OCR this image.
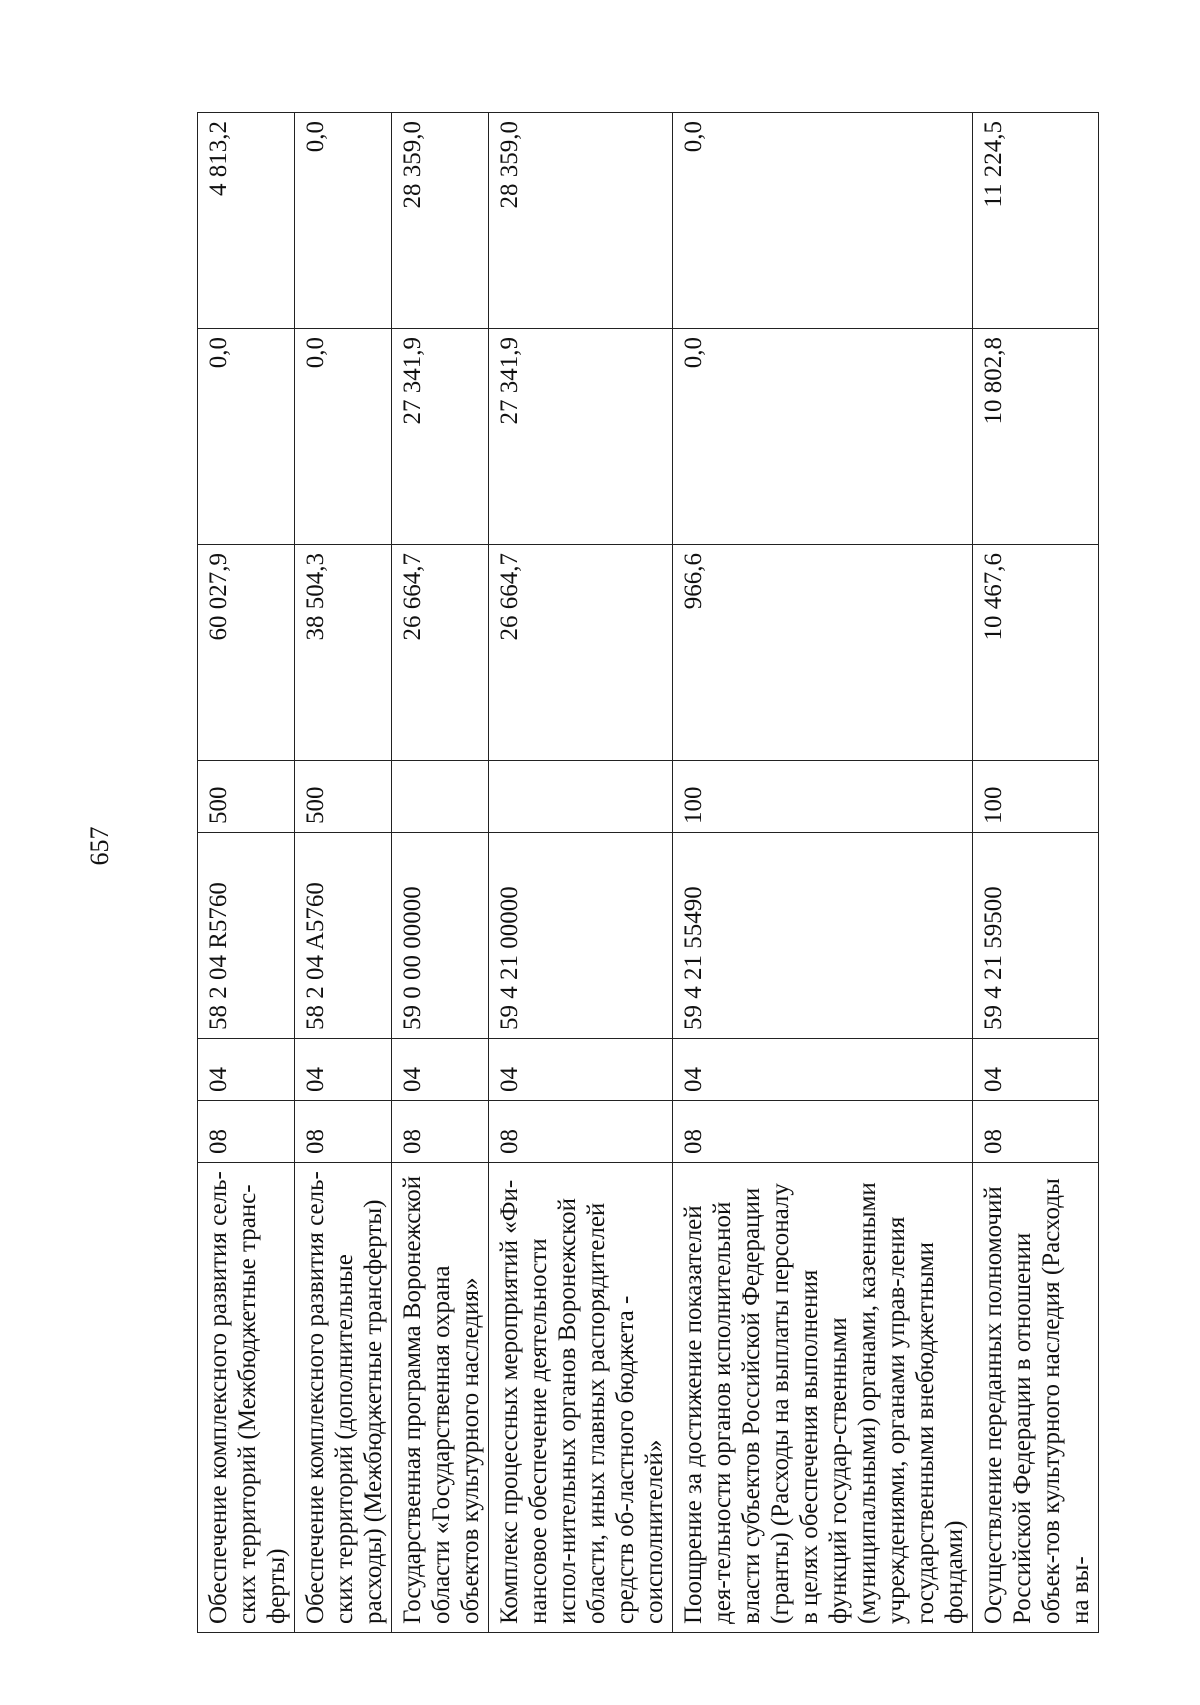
657
Обеспечение комплексного развития сель-ских территорий (Межбюджетные транс-ферты)	08	04	58 2 04 R5760	500	60 027,9	0,0	4 813,2
Обеспечение комплексного развития сель-ских территорий (дополнительные расходы) (Межбюджетные трансферты)	08	04	58 2 04 A5760	500	38 504,3	0,0	0,0
Государственная программа Воронежской области «Государственная охрана объектов культурного наследия»	08	04	59 0 00 00000		26 664,7	27 341,9	28 359,0
Комплекс процессных мероприятий «Фи-нансовое обеспечение деятельности испол-нительных органов Воронежской области, иных главных распорядителей средств об-ластного бюджета - соисполнителей»	08	04	59 4 21 00000		26 664,7	27 341,9	28 359,0
Поощрение за достижение показателей дея-тельности органов исполнительной власти субъектов Российской Федерации (гранты) (Расходы на выплаты персоналу в целях обеспечения выполнения функций государ-ственными (муниципальными) органами, казенными учреждениями, органами управ-ления государственными внебюджетными фондами)	08	04	59 4 21 55490	100	966,6	0,0	0,0
Осуществление переданных полномочий Российской Федерации в отношении объек-тов культурного наследия (Расходы на вы-	08	04	59 4 21 59500	100	10 467,6	10 802,8	11 224,5
